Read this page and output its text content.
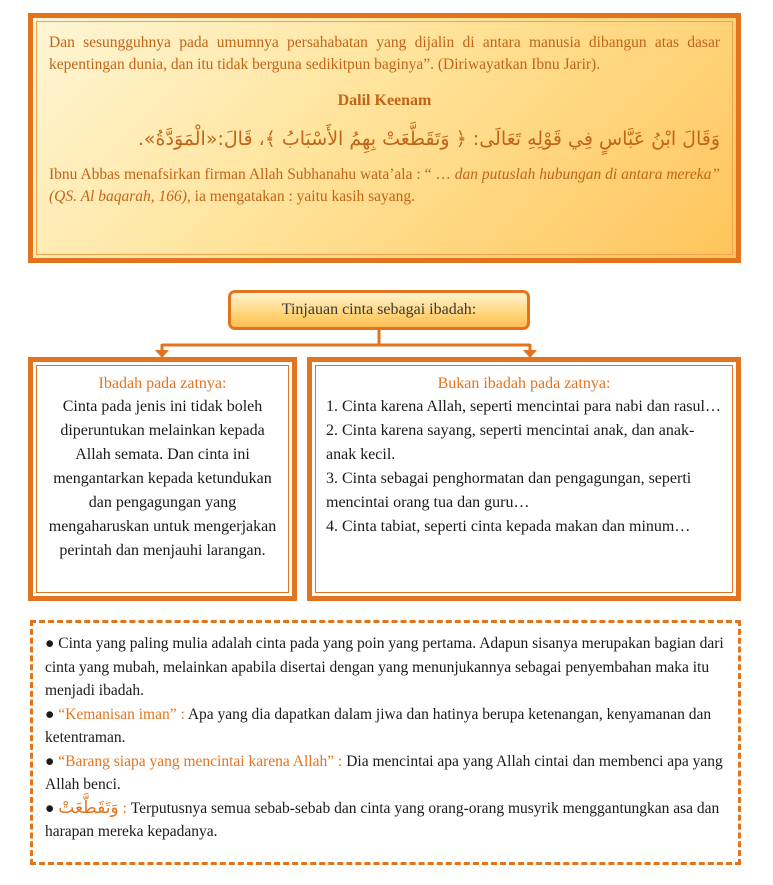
Dan sesungguhnya pada umumnya persahabatan yang dijalin di antara manusia dibangun atas dasar kepentingan dunia, dan itu tidak berguna sedikitpun baginya”. (Diriwayatkan Ibnu Jarir).

Dalil Keenam

وَقَالَ ابْنُ عَبَّاسٍ فِي قَوْلِهِ تَعَالَى: ﴿ وَتَقَطَّعَتْ بِهِمُ الأَسْبَابُ ﴾، قَالَ:«الْمَوَدَّةُ».

Ibnu Abbas menafsirkan firman Allah Subhanahu wata’ala : “ … dan putuslah hubungan di antara mereka” (QS. Al baqarah, 166), ia mengatakan : yaitu kasih sayang.

Tinjauan cinta sebagai ibadah:
Ibadah pada zatnya:

Cinta pada jenis ini tidak boleh diperuntukan melainkan kepada Allah semata. Dan cinta ini mengantarkan kepada ketundukan dan pengagungan yang mengaharuskan untuk mengerjakan perintah dan menjauhi larangan.

Bukan ibadah pada zatnya:
1. Cinta karena Allah, seperti mencintai para nabi dan rasul…
2. Cinta karena sayang, seperti mencintai anak, dan anak-anak kecil.
3. Cinta sebagai penghormatan dan pengagungan, seperti mencintai orang tua dan guru…
4. Cinta tabiat, seperti cinta kepada makan dan minum…

● Cinta yang paling mulia adalah cinta pada yang poin yang pertama. Adapun sisanya merupakan bagian dari cinta yang mubah, melainkan apabila disertai dengan yang menunjukannya sebagai penyembahan maka itu menjadi ibadah.

● “Kemanisan iman” : Apa yang dia dapatkan dalam jiwa dan hatinya berupa ketenangan, kenyamanan dan ketentraman.

● “Barang siapa yang mencintai karena Allah” : Dia mencintai apa yang Allah cintai dan membenci apa yang Allah benci.

● وَتَقَطَّعَتْ : Terputusnya semua sebab-sebab dan cinta yang orang-orang musyrik menggantungkan asa dan harapan mereka kepadanya.
